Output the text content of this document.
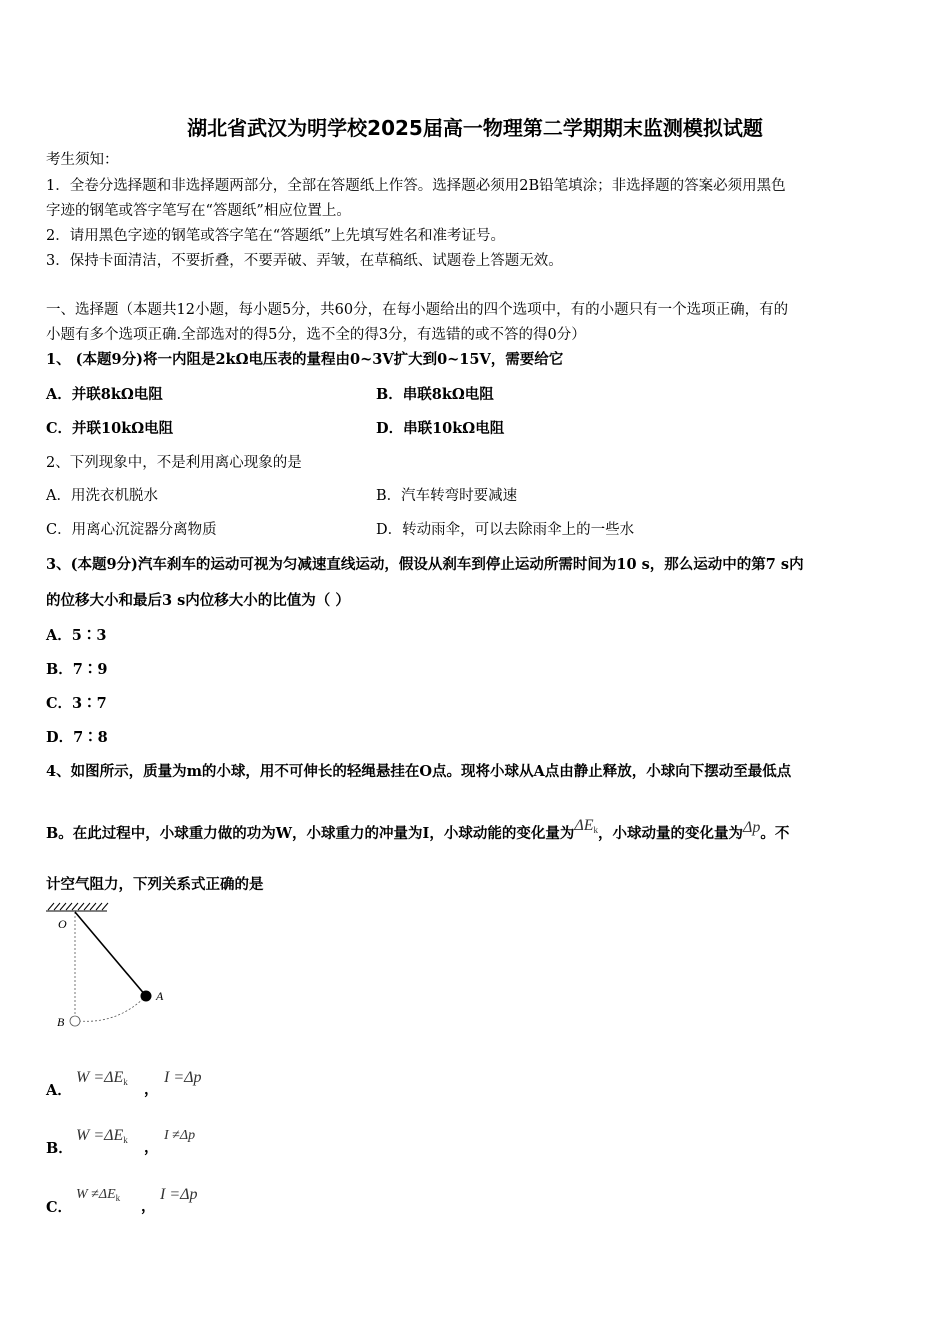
湖北省武汉为明学校2025届高一物理第二学期期末监测模拟试题
考生须知：
1．全卷分选择题和非选择题两部分，全部在答题纸上作答。选择题必须用2B铅笔填涂；非选择题的答案必须用黑色
字迹的钢笔或答字笔写在“答题纸”相应位置上。
2．请用黑色字迹的钢笔或答字笔在“答题纸”上先填写姓名和准考证号。
3．保持卡面清洁，不要折叠，不要弄破、弄皱，在草稿纸、试题卷上答题无效。
一、选择题（本题共12小题，每小题5分，共60分，在每小题给出的四个选项中，有的小题只有一个选项正确，有的
小题有多个选项正确.全部选对的得5分，选不全的得3分，有选错的或不答的得0分）
1、 (本题9分)将一内阻是2kΩ电压表的量程由0~3V扩大到0~15V，需要给它
A．并联8kΩ电阻	B．串联8kΩ电阻
C．并联10kΩ电阻	D．串联10kΩ电阻
2、下列现象中，不是利用离心现象的是
A．用洗衣机脱水	B．汽车转弯时要减速
C．用离心沉淀器分离物质	D．转动雨伞，可以去除雨伞上的一些水
3、(本题9分)汽车刹车的运动可视为匀减速直线运动，假设从刹车到停止运动所需时间为10 s，那么运动中的第7 s内
的位移大小和最后3 s内位移大小的比值为（ ）
A．5∶3
B．7∶9
C．3∶7
D．7∶8
4、如图所示，质量为m的小球，用不可伸长的轻绳悬挂在O点。现将小球从A点由静止释放，小球向下摆动至最低点
B。在此过程中，小球重力做的功为W，小球重力的冲量为I，小球动能的变化量为$\Delta E_k$，小球动量的变化量为Δp。不
计空气阻力，下列关系式正确的是
O
A
B
A．
$W =\Delta E_k$ ，
I =Δp
B．
$W =\Delta E_k$ ，
I ≠Δp
C．
$W \ne\Delta E_k$ ，
I =Δp
